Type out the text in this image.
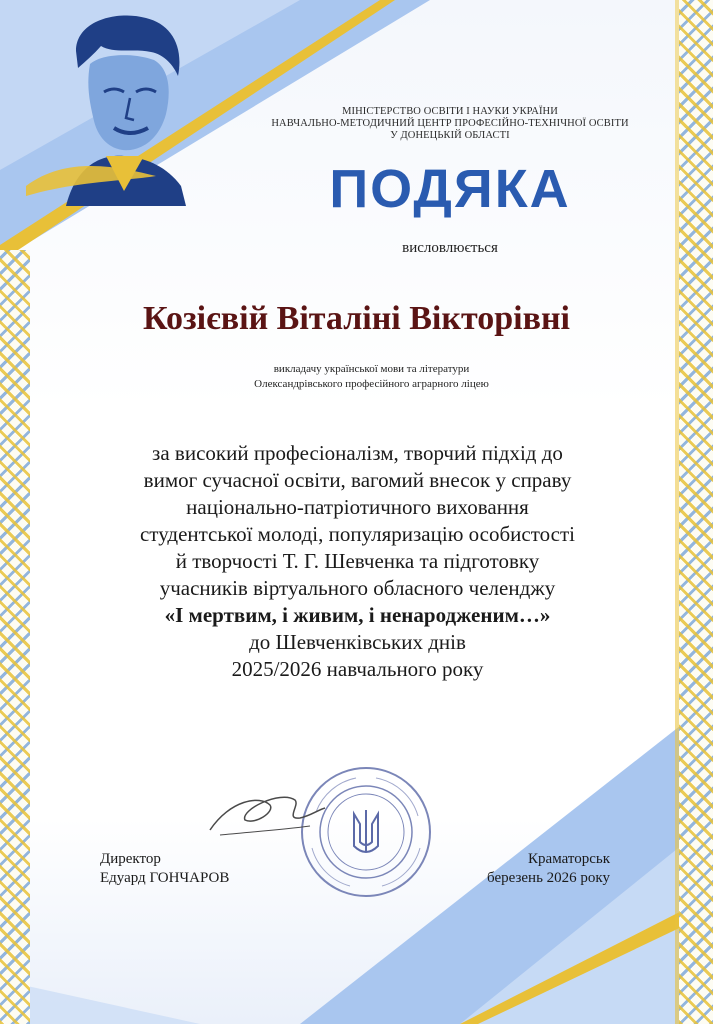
МІНІСТЕРСТВО ОСВІТИ І НАУКИ УКРАЇНИ
НАВЧАЛЬНО-МЕТОДИЧНИЙ ЦЕНТР ПРОФЕСІЙНО-ТЕХНІЧНОЇ ОСВІТИ
У ДОНЕЦЬКІЙ ОБЛАСТІ
ПОДЯКА
висловлюється
Козієвій Віталіні Вікторівні
викладачу української мови та літератури
Олександрівського професійного аграрного ліцею
за високий професіоналізм, творчий підхід до
вимог сучасної освіти, вагомий внесок у справу
національно-патріотичного виховання
студентської молоді, популяризацію особистості
й творчості Т. Г. Шевченка та підготовку
учасників віртуального обласного челенджу
«І мертвим, і живим, і ненародженим…»
до Шевченківських днів
2025/2026 навчального року
Директор
Едуард ГОНЧАРОВ
Краматорськ
березень 2026 року
